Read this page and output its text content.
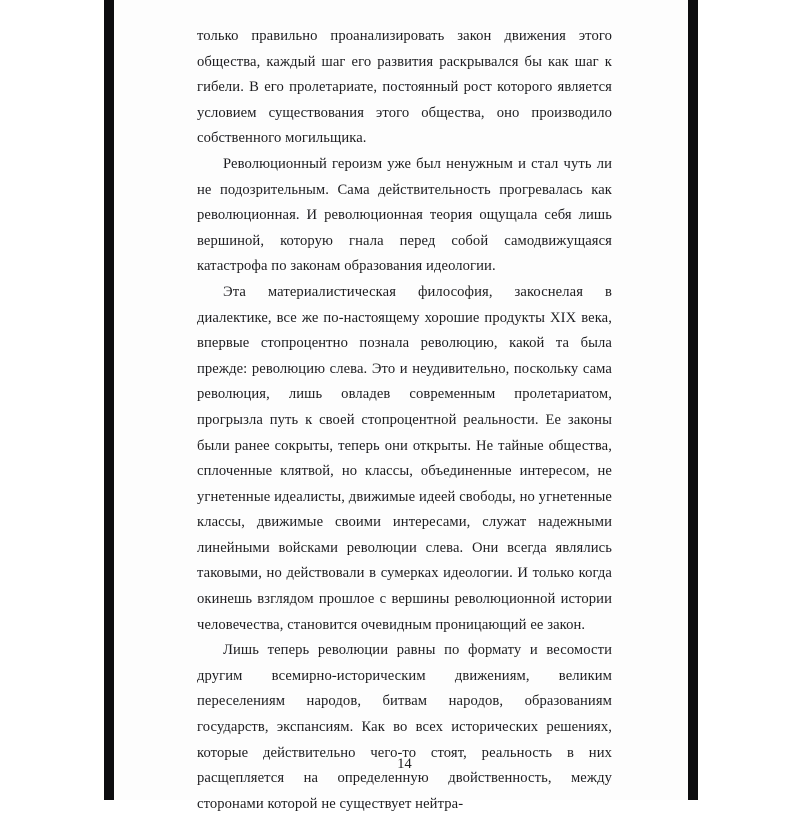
только правильно проанализировать закон движения этого общества, каждый шаг его развития раскрывался бы как шаг к гибели. В его пролетариате, постоянный рост которого является условием существования этого общества, оно производило собственного могильщика.

Революционный героизм уже был ненужным и стал чуть ли не подозрительным. Сама действительность прогревалась как революционная. И революционная теория ощущала себя лишь вершиной, которую гнала перед собой самодвижущаяся катастрофа по законам образования идеологии.

Эта материалистическая философия, закоснелая в диалектике, все же по-настоящему хорошие продукты XIX века, впервые стопроцентно познала революцию, какой та была прежде: революцию слева. Это и неудивительно, поскольку сама революция, лишь овладев современным пролетариатом, прогрызла путь к своей стопроцентной реальности. Ее законы были ранее сокрыты, теперь они открыты. Не тайные общества, сплоченные клятвой, но классы, объединенные интересом, не угнетенные идеалисты, движимые идеей свободы, но угнетенные классы, движимые своими интересами, служат надежными линейными войсками революции слева. Они всегда являлись таковыми, но действовали в сумерках идеологии. И только когда окинешь взглядом прошлое с вершины революционной истории человечества, становится очевидным проницающий ее закон.

Лишь теперь революции равны по формату и весомости другим всемирно-историческим движениям, великим переселениям народов, битвам народов, образованиям государств, экспансиям. Как во всех исторических решениях, которые действительно чего-то стоят, реальность в них расщепляется на определенную двойственность, между сторонами которой не существует нейтра-

14
